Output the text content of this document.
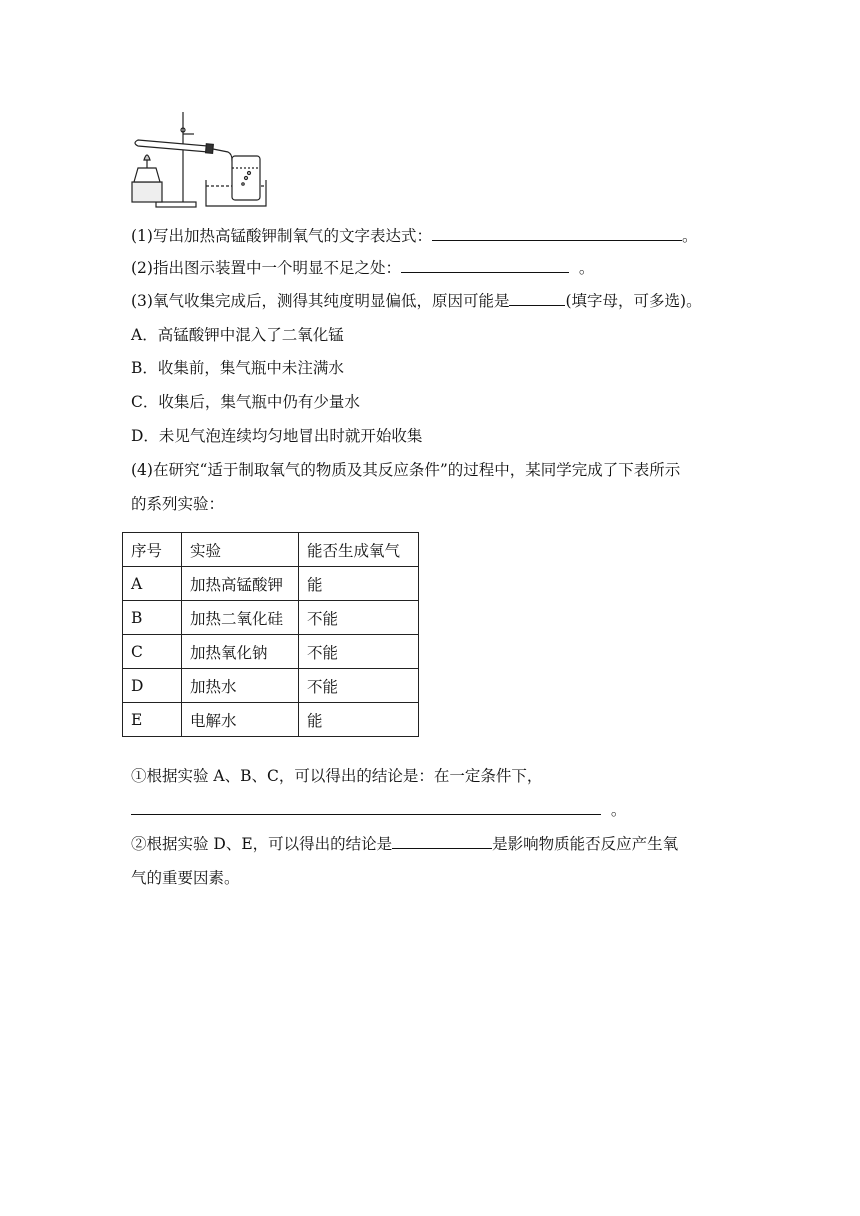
(1)写出加热高锰酸钾制氧气的文字表达式：	。
(2)指出图示装置中一个明显不足之处：	。
(3)氧气收集完成后，测得其纯度明显偏低，原因可能是	(填字母，可多选)。
A．高锰酸钾中混入了二氧化锰
B．收集前，集气瓶中未注满水
C．收集后，集气瓶中仍有少量水
D．未见气泡连续均匀地冒出时就开始收集
(4)在研究“适于制取氧气的物质及其反应条件”的过程中，某同学完成了下表所示
的系列实验：
序号	实验	能否生成氧气
A	加热高锰酸钾	能
B	加热二氧化硅	不能
C	加热氧化钠	不能
D	加热水	不能
E	电解水	能
①根据实验 A、B、C，可以得出的结论是：在一定条件下，
。
②根据实验 D、E，可以得出的结论是	是影响物质能否反应产生氧
气的重要因素。
